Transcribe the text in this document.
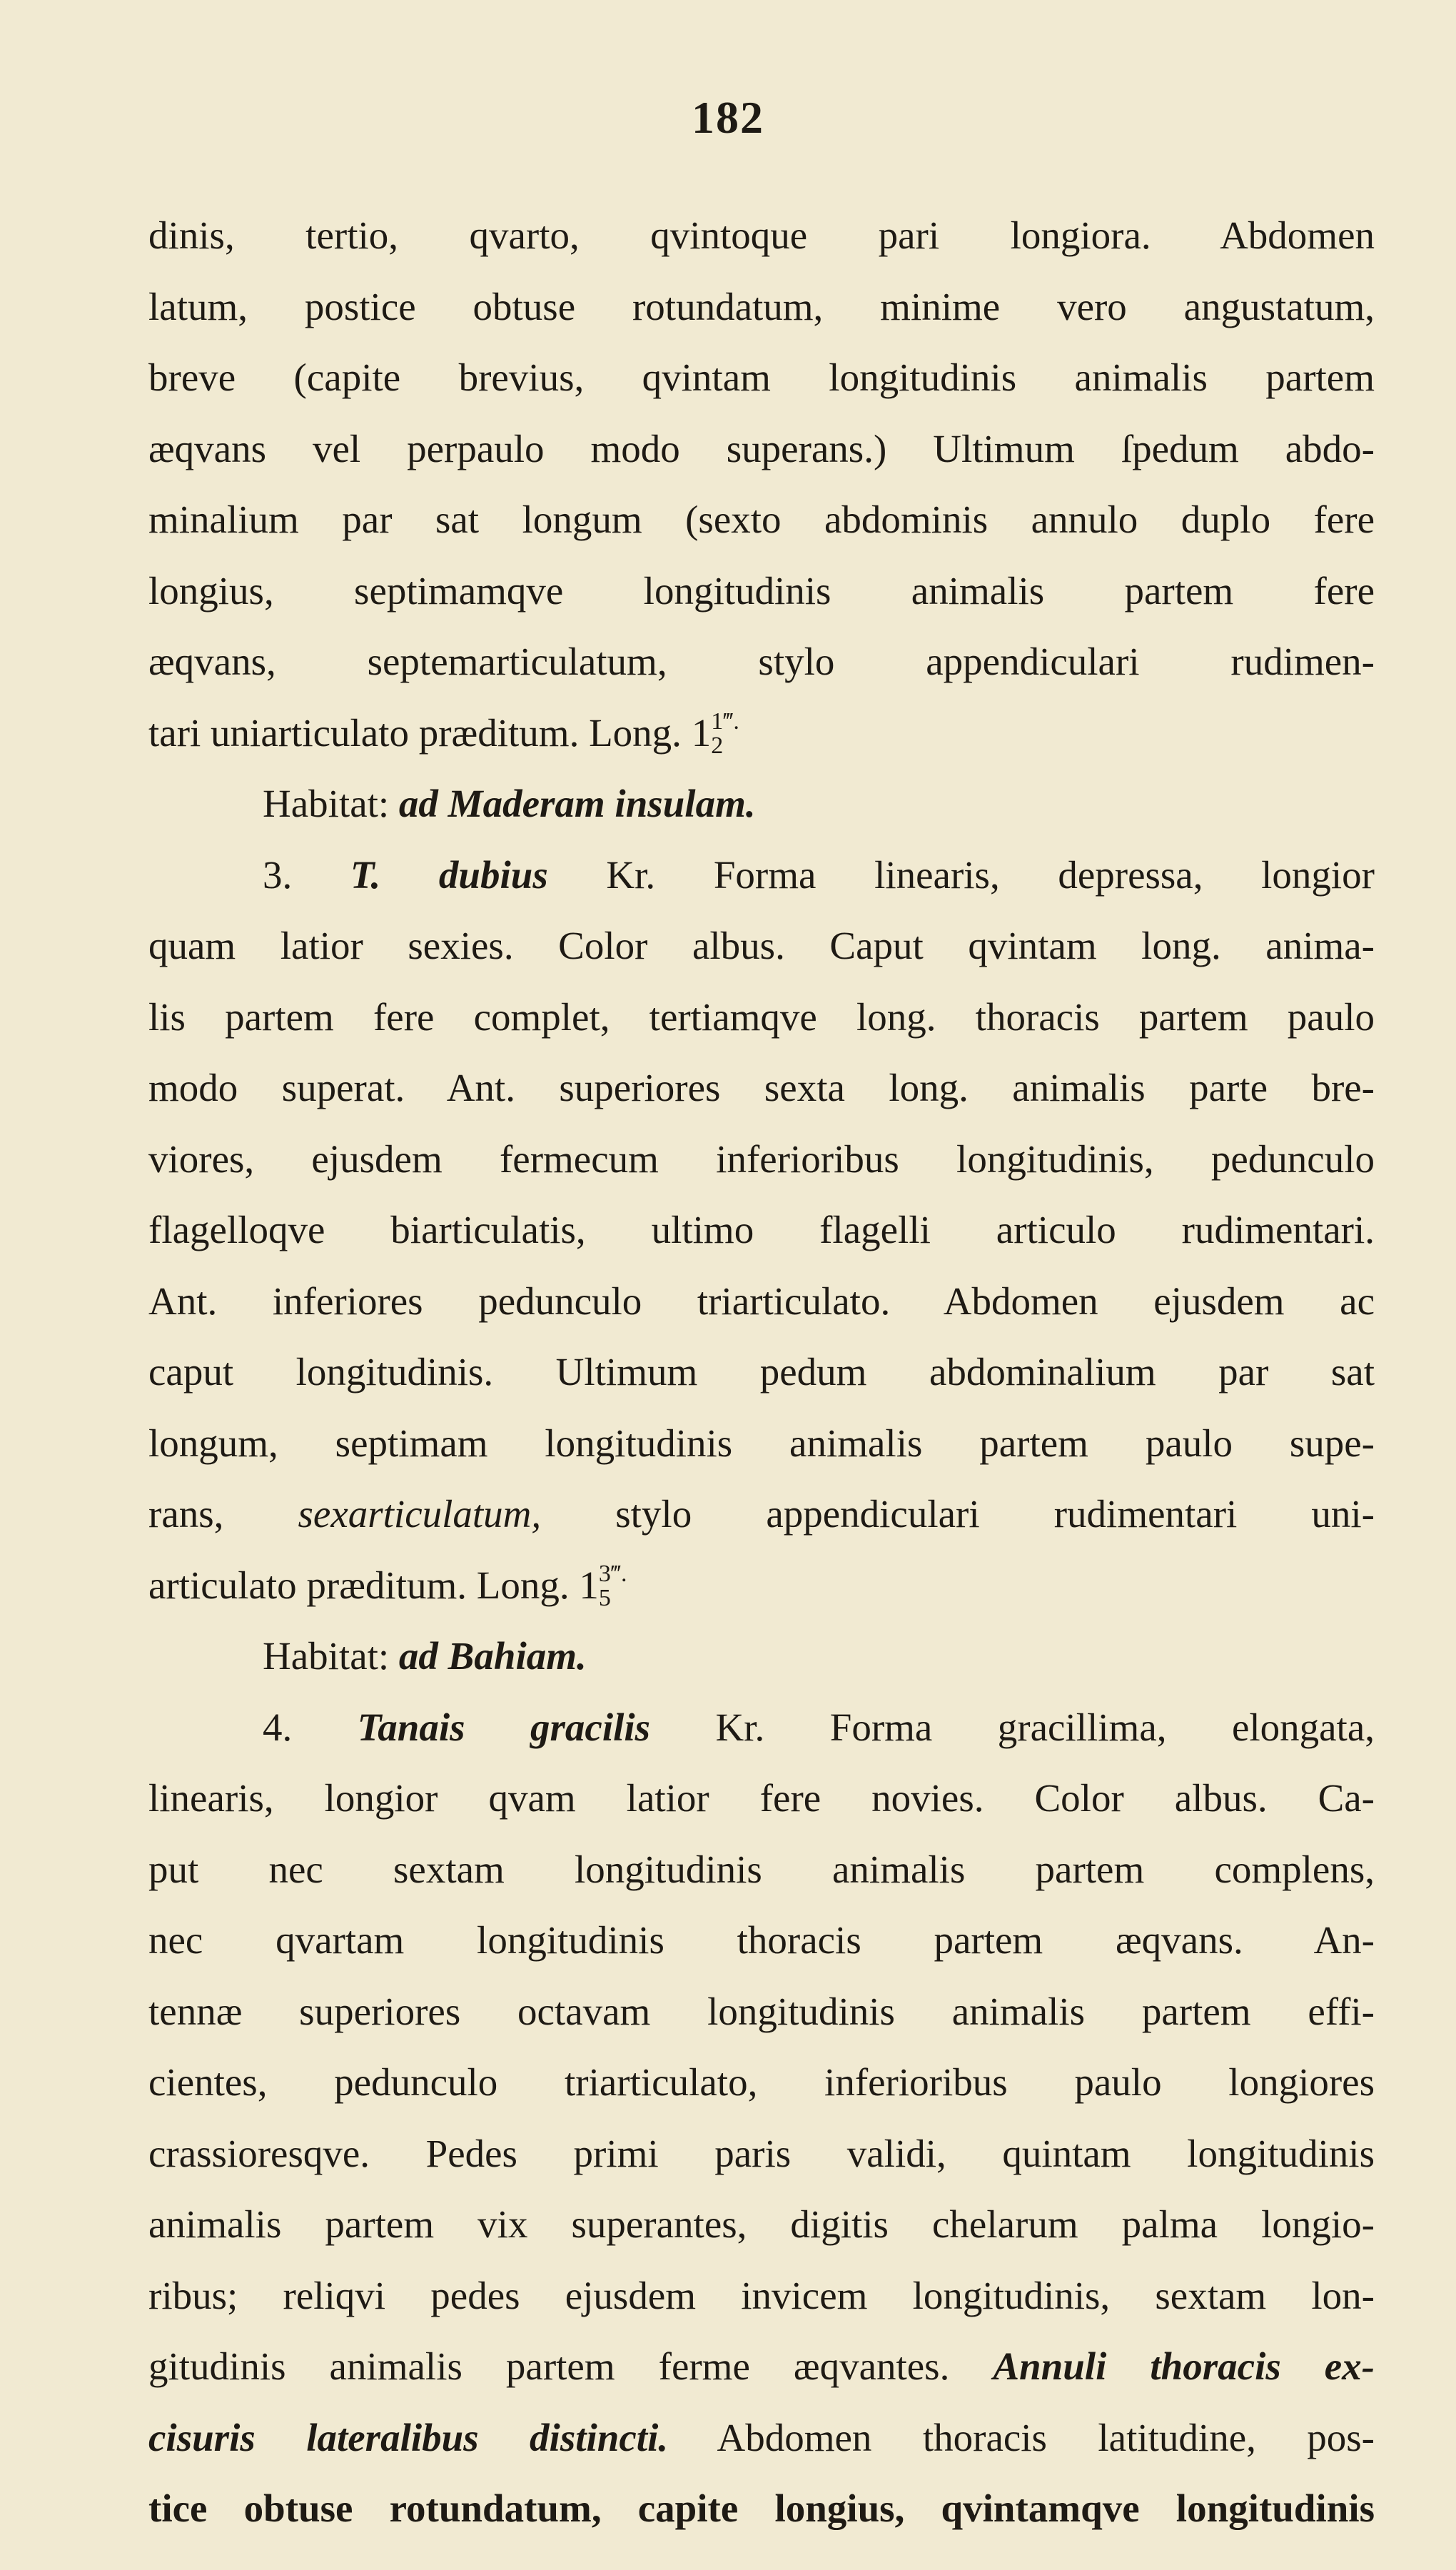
182
dinis, tertio, qvarto, qvintoque pari longiora. Abdomen
latum, postice obtuse rotundatum, minime vero angustatum,
breve (capite brevius, qvintam longitudinis animalis partem
æqvans vel perpaulo modo superans.) Ultimum ſpedum abdo-
minalium par sat longum (sexto abdominis annulo duplo fere
longius, septimamqve longitudinis animalis partem fere
æqvans, septemarticulatum, stylo appendiculari rudimen-
tari uniarticulato præditum. Long. 1 1
2
‴.
Habitat: ad Maderam insulam.
3. T. dubius Kr. Forma linearis, depressa, longior
quam latior sexies. Color albus. Caput qvintam long. anima-
lis partem fere complet, tertiamqve long. thoracis partem paulo
modo superat. Ant. superiores sexta long. animalis parte bre-
viores, ejusdem fermecum inferioribus longitudinis, pedunculo
flagelloqve biarticulatis, ultimo flagelli articulo rudimentari.
Ant. inferiores pedunculo triarticulato. Abdomen ejusdem ac
caput longitudinis. Ultimum pedum abdominalium par sat
longum, septimam longitudinis animalis partem paulo supe-
rans, sexarticulatum, stylo appendiculari rudimentari uni-
articulato præditum. Long. 1 3
5
‴.
Habitat: ad Bahiam.
4. Tanais gracilis Kr. Forma gracillima, elongata,
linearis, longior qvam latior fere novies. Color albus. Ca-
put nec sextam longitudinis animalis partem complens,
nec qvartam longitudinis thoracis partem æqvans. An-
tennæ superiores octavam longitudinis animalis partem effi-
cientes, pedunculo triarticulato, inferioribus paulo longiores
crassioresqve. Pedes primi paris validi, quintam longitudinis
animalis partem vix superantes, digitis chelarum palma longio-
ribus; reliqvi pedes ejusdem invicem longitudinis, sextam lon-
gitudinis animalis partem ferme æqvantes. Annuli thoracis ex-
cisuris lateralibus distincti. Abdomen thoracis latitudine, pos-
tice obtuse rotundatum, capite longius, qvintamqve longitudinis
